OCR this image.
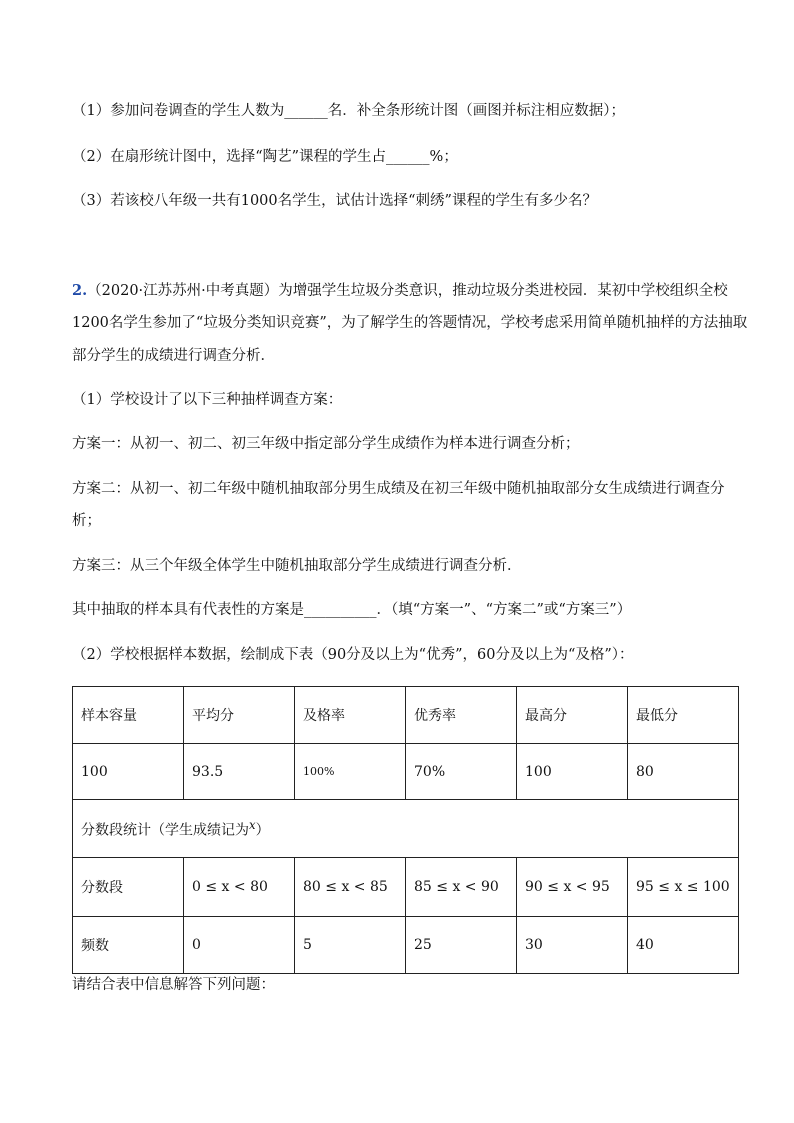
（1）参加问卷调查的学生人数为______名．补全条形统计图（画图并标注相应数据）；
（2）在扇形统计图中，选择“陶艺”课程的学生占______%；
（3）若该校八年级一共有1000名学生，试估计选择“刺绣”课程的学生有多少名？
2.（2020·江苏苏州·中考真题）为增强学生垃圾分类意识，推动垃圾分类进校园．某初中学校组织全校
1200名学生参加了“垃圾分类知识竞赛”，为了解学生的答题情况，学校考虑采用简单随机抽样的方法抽取
部分学生的成绩进行调查分析．
（1）学校设计了以下三种抽样调查方案：
方案一：从初一、初二、初三年级中指定部分学生成绩作为样本进行调查分析；
方案二：从初一、初二年级中随机抽取部分男生成绩及在初三年级中随机抽取部分女生成绩进行调查分
析；
方案三：从三个年级全体学生中随机抽取部分学生成绩进行调查分析．
其中抽取的样本具有代表性的方案是__________．（填“方案一”、“方案二”或“方案三”）
（2）学校根据样本数据，绘制成下表（90分及以上为“优秀”，60分及以上为“及格”）：
样本容量	平均分	及格率	优秀率	最高分	最低分
100	93.5	100%	70%	100	80
分数段统计（学生成绩记为$^x$）					
分数段	0 ≤ x < 80	80 ≤ x < 85	85 ≤ x < 90	90 ≤ x < 95	95 ≤ x ≤ 100
频数	0	5	25	30	40
请结合表中信息解答下列问题：
